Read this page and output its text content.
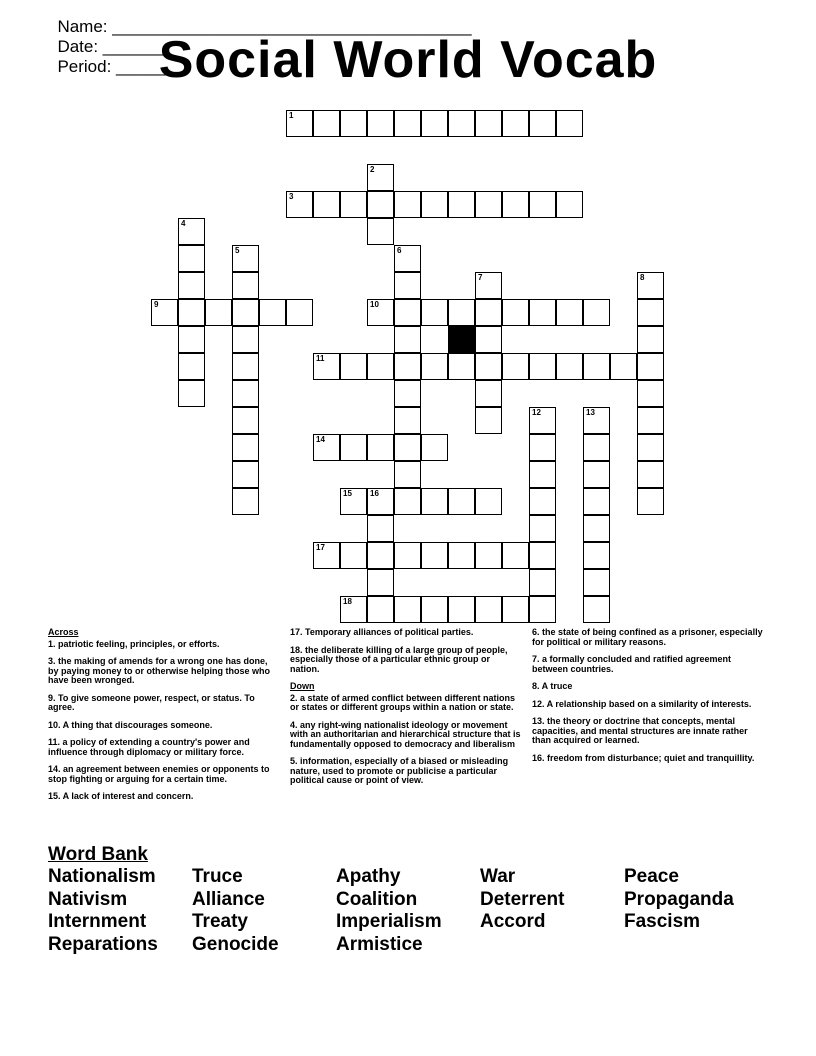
Name: ______________________________________
Date: _______
Period: _______

Social World Vocab
1
2
3
4
5	6
7	8
9	10
11
12	13
14
15 16
17
18

Across

1. patriotic feeling, principles, or efforts.

3. the making of amends for a wrong one has done, by paying money to or otherwise helping those who have been wronged.

9. To give someone power, respect, or status. To agree.

10. A thing that discourages someone.

11. a policy of extending a country's power and influence through diplomacy or military force.

14. an agreement between enemies or opponents to stop fighting or arguing for a certain time.

15. A lack of interest and concern.

17. Temporary alliances of political parties.

18. the deliberate killing of a large group of people, especially those of a particular ethnic group or nation.

Down

2. a state of armed conflict between different nations or states or different groups within a nation or state.

4. any right-wing nationalist ideology or movement with an authoritarian and hierarchical structure that is fundamentally opposed to democracy and liberalism

5. information, especially of a biased or misleading nature, used to promote or publicise a particular political cause or point of view.

6. the state of being confined as a prisoner, especially for political or military reasons.

7. a formally concluded and ratified agreement between countries.

8. A truce

12. A relationship based on a similarity of interests.

13. the theory or doctrine that concepts, mental capacities, and mental structures are innate rather than acquired or learned.

16. freedom from disturbance; quiet and tranquillity.

Word Bank
Nationalism	Truce	Apathy	War	Peace
Nativism	Alliance	Coalition	Deterrent	Propaganda
Internment	Treaty	Imperialism	Accord	Fascism
Reparations	Genocide	Armistice
